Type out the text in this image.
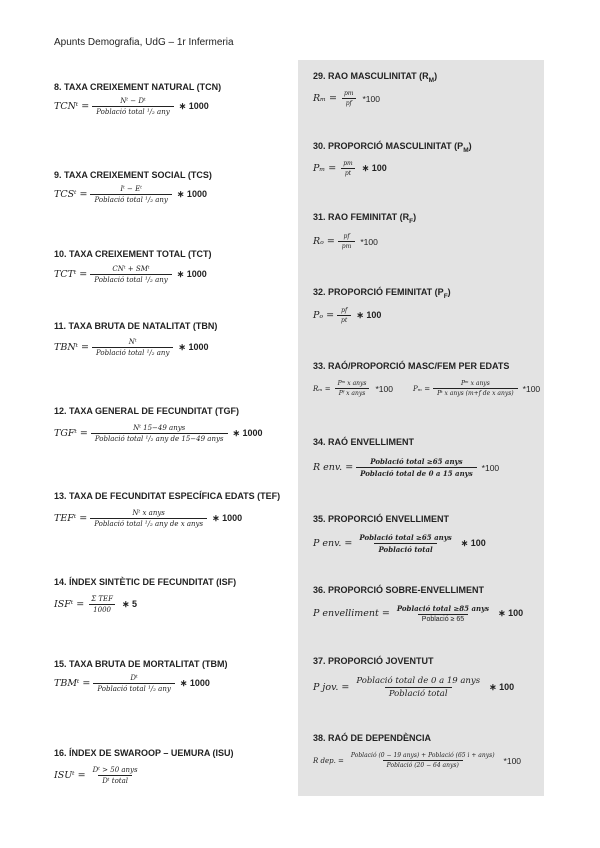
Apunts Demografia, UdG – 1r Infermeria
8. TAXA CREIXEMENT NATURAL (TCN)
TCNᵗ = $\frac{\text{Nᵗ − Dᵗ}}{\text{Població total ¹/₂ any}}$ ∗ 1000
9. TAXA CREIXEMENT SOCIAL (TCS)
TCSᵗ = $\frac{\text{Iᵗ − Eᵗ}}{\text{Població total ¹/₂ any}}$ ∗ 1000
10. TAXA CREIXEMENT TOTAL (TCT)
TCTᵗ = $\frac{\text{CNᵗ + SMᵗ}}{\text{Població total ¹/₂ any}}$ ∗ 1000
11. TAXA BRUTA DE NATALITAT (TBN)
TBNᵗ = $\frac{\text{Nᵗ}}{\text{Població total ¹/₂ any}}$ ∗ 1000
12. TAXA GENERAL DE FECUNDITAT (TGF)
TGFᵗ = $\frac{\text{Nᵗ 15−49 anys}}{\text{Població total ¹/₂ any de 15−49 anys}}$ ∗ 1000
13. TAXA DE FECUNDITAT ESPECÍFICA EDATS (TEF)
TEFᵗ = $\frac{\text{Nᵗ x anys}}{\text{Població total ¹/₂ any de x anys}}$ ∗ 1000
14. ÍNDEX SINTÈTIC DE FECUNDITAT (ISF)
ISFᵗ = $\frac{\text{Σ TEF}}{1000}$ ∗ 5
15. TAXA BRUTA DE MORTALITAT (TBM)
TBMᵗ = $\frac{\text{Dᵗ}}{\text{Població total ¹/₂ any}}$ ∗ 1000
16. ÍNDEX DE SWAROOP – UEMURA (ISU)
ISUᵗ = $\frac{\text{Dᵗ > 50 anys}}{\text{Dᵗ total}}$
29. RAO MASCULINITAT $(R_M)$
$R_m = \frac{pm}{pf} *100$
30. PROPORCIÓ MASCULINITAT $(P_M)$
$P_m = \frac{pm}{pt}$ ∗ 100
31. RAO FEMINITAT $(R_F)$
$R_o = \frac{pf}{pm} *100$
32. PROPORCIÓ FEMINITAT $(P_F)$
$P_o = \frac{pf}{pt}$ ∗ 100
33. RAÓ/PROPORCIÓ MASC/FEM PER EDATS
$R_m = \frac{\text{Pᵐ x anys}}{\text{Pᶠ x anys}} *100$	$P_m = \frac{\text{Pᵐ x anys}}{\text{Pᵗ x anys (m+f de x anys)}} *100$
34. RAÓ ENVELLIMENT
R env. = $\frac{\text{Població total ≥65 anys}}{\text{Població total de 0 a 15 anys}} *100$
35. PROPORCIÓ ENVELLIMENT
P env. = $\frac{\text{Població total ≥65 anys}}{\text{Població total}}$ ∗ 100
36. PROPORCIÓ SOBRE-ENVELLIMENT
P envelliment = $\frac{\text{Població total ≥85 anys}}{\text{Població ≥ 65}}$ ∗ 100
37. PROPORCIÓ JOVENTUT
P jov. = $\frac{\text{Població total de 0 a 19 anys}}{\text{Població total}}$ ∗ 100
38. RAÓ DE DEPENDÈNCIA
R dep. = $\frac{\text{Població (0 − 19 anys) + Població (65 i + anys)}}{\text{Població (20 − 64 anys)}} *100$
